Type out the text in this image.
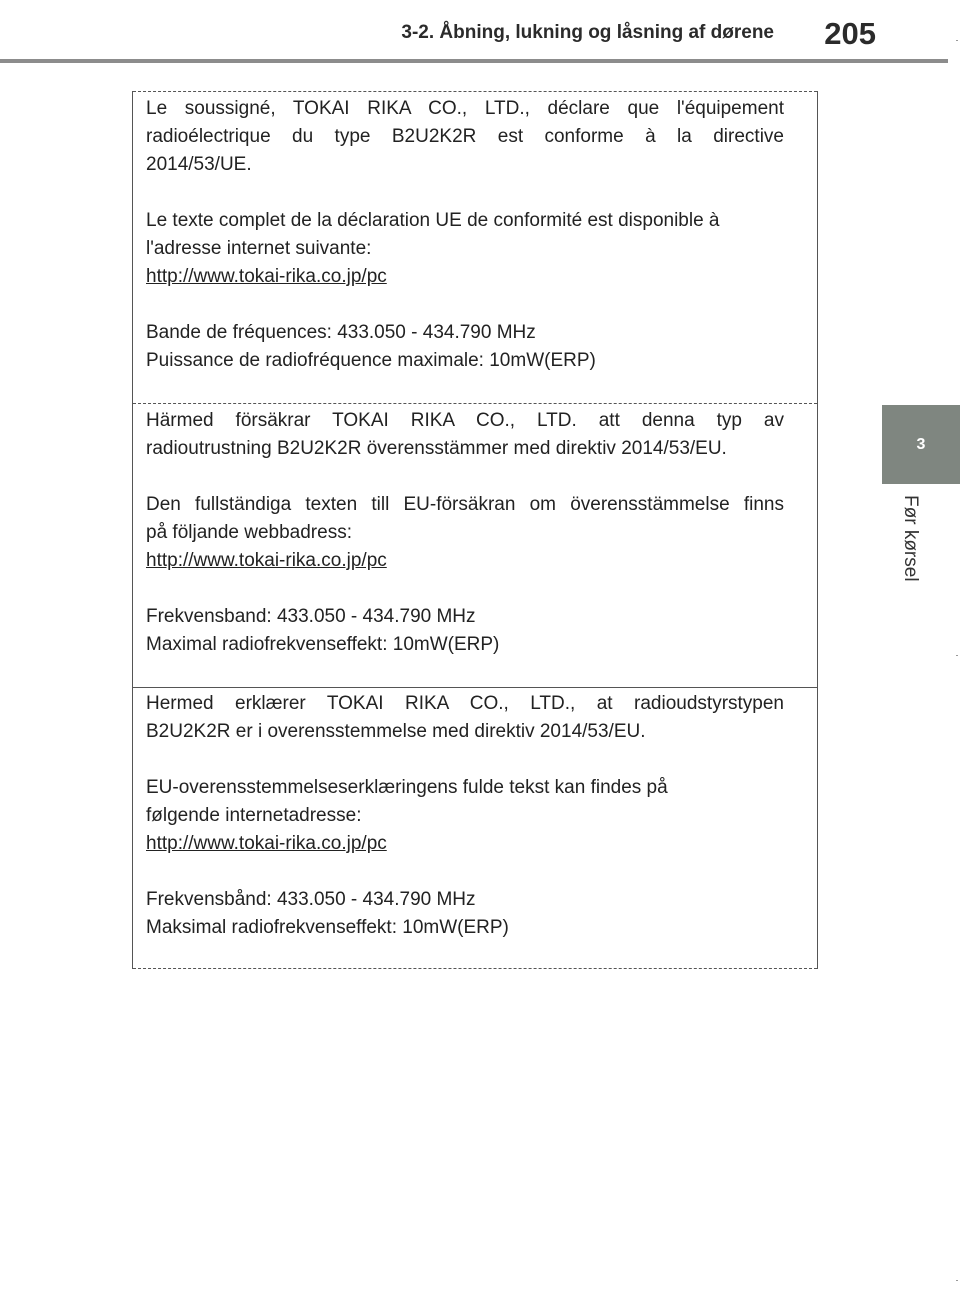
3-2. Åbning, lukning og låsning af dørene 205
3
Før kørsel

Le soussigné, TOKAI RIKA CO., LTD., déclare que l'équipement
radioélectrique du type B2U2K2R est conforme à la directive
2014/53/UE.

Le texte complet de la déclaration UE de conformité est disponible à
l'adresse internet suivante:
http://www.tokai-rika.co.jp/pc

Bande de fréquences: 433.050 - 434.790 MHz
Puissance de radiofréquence maximale: 10mW(ERP)

Härmed försäkrar TOKAI RIKA CO., LTD. att denna typ av
radioutrustning B2U2K2R överensstämmer med direktiv 2014/53/EU.

Den fullständiga texten till EU-försäkran om överensstämmelse finns
på följande webbadress:
http://www.tokai-rika.co.jp/pc

Frekvensband: 433.050 - 434.790 MHz
Maximal radiofrekvenseffekt: 10mW(ERP)

Hermed erklærer TOKAI RIKA CO., LTD., at radioudstyrstypen
B2U2K2R er i overensstemmelse med direktiv 2014/53/EU.

EU-overensstemmelseserklæringens fulde tekst kan findes på
følgende internetadresse:
http://www.tokai-rika.co.jp/pc

Frekvensbånd: 433.050 - 434.790 MHz
Maksimal radiofrekvenseffekt: 10mW(ERP)
